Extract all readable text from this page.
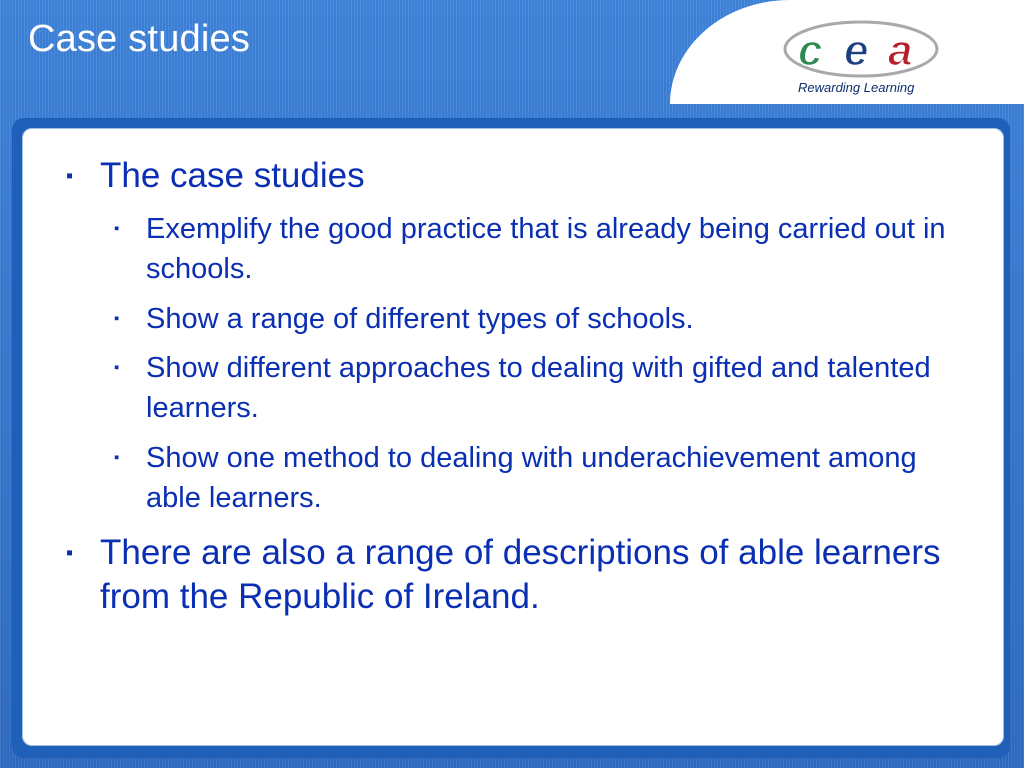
Case studies	c e a
Rewarding Learning
▪ The case studies
▪ Exemplify the good practice that is already being carried out in schools.
▪ Show a range of different types of schools.
▪ Show different approaches to dealing with gifted and talented learners.
▪ Show one method to dealing with underachievement among able learners.
▪ There are also a range of descriptions of able learners from the Republic of Ireland.
